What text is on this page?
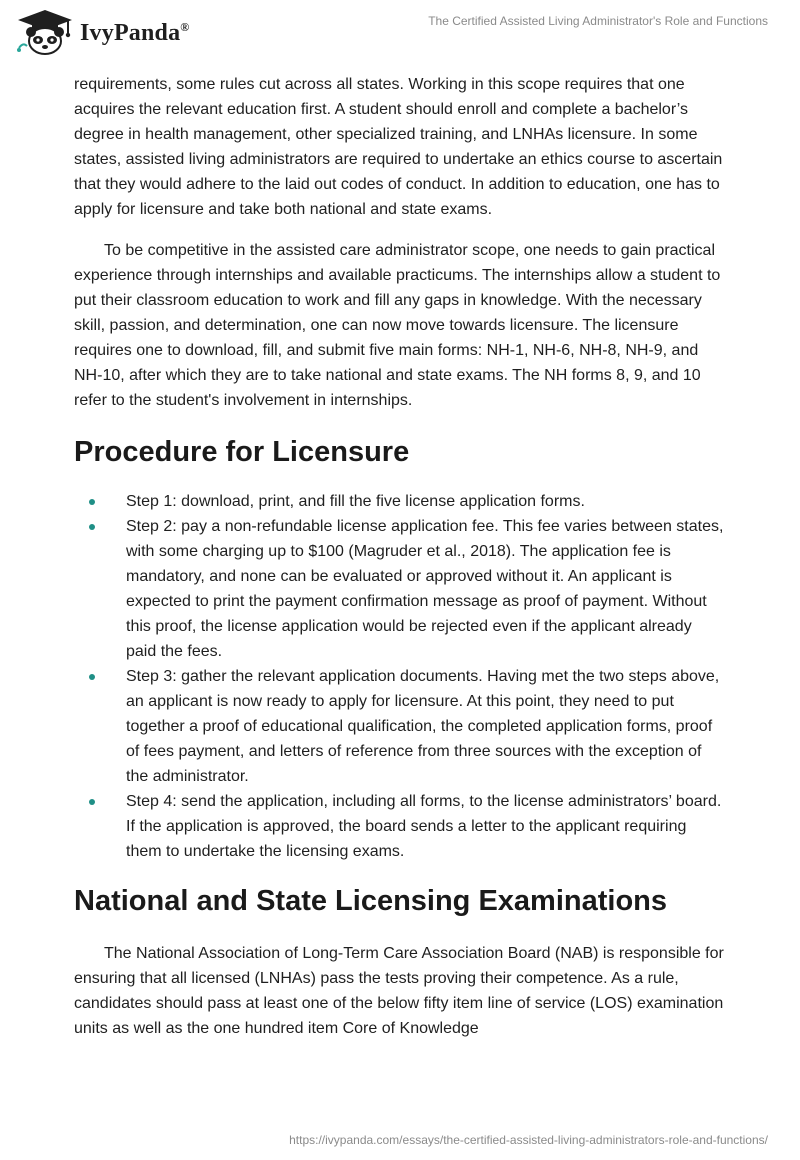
IvyPanda®	The Certified Assisted Living Administrator's Role and Functions

requirements, some rules cut across all states. Working in this scope requires that one acquires the relevant education first. A student should enroll and complete a bachelor’s degree in health management, other specialized training, and LNHAs licensure. In some states, assisted living administrators are required to undertake an ethics course to ascertain that they would adhere to the laid out codes of conduct. In addition to education, one has to apply for licensure and take both national and state exams.

To be competitive in the assisted care administrator scope, one needs to gain practical experience through internships and available practicums. The internships allow a student to put their classroom education to work and fill any gaps in knowledge. With the necessary skill, passion, and determination, one can now move towards licensure. The licensure requires one to download, fill, and submit five main forms: NH-1, NH-6, NH-8, NH-9, and NH-10, after which they are to take national and state exams. The NH forms 8, 9, and 10 refer to the student's involvement in internships.

Procedure for Licensure
Step 1: download, print, and fill the five license application forms.
Step 2: pay a non-refundable license application fee. This fee varies between states, with some charging up to $100 (Magruder et al., 2018). The application fee is mandatory, and none can be evaluated or approved without it. An applicant is expected to print the payment confirmation message as proof of payment. Without this proof, the license application would be rejected even if the applicant already paid the fees.
Step 3: gather the relevant application documents. Having met the two steps above, an applicant is now ready to apply for licensure. At this point, they need to put together a proof of educational qualification, the completed application forms, proof of fees payment, and letters of reference from three sources with the exception of the administrator.
Step 4: send the application, including all forms, to the license administrators’ board. If the application is approved, the board sends a letter to the applicant requiring them to undertake the licensing exams.
National and State Licensing Examinations

The National Association of Long-Term Care Association Board (NAB) is responsible for ensuring that all licensed (LNHAs) pass the tests proving their competence. As a rule, candidates should pass at least one of the below fifty item line of service (LOS) examination units as well as the one hundred item Core of Knowledge

https://ivypanda.com/essays/the-certified-assisted-living-administrators-role-and-functions/
